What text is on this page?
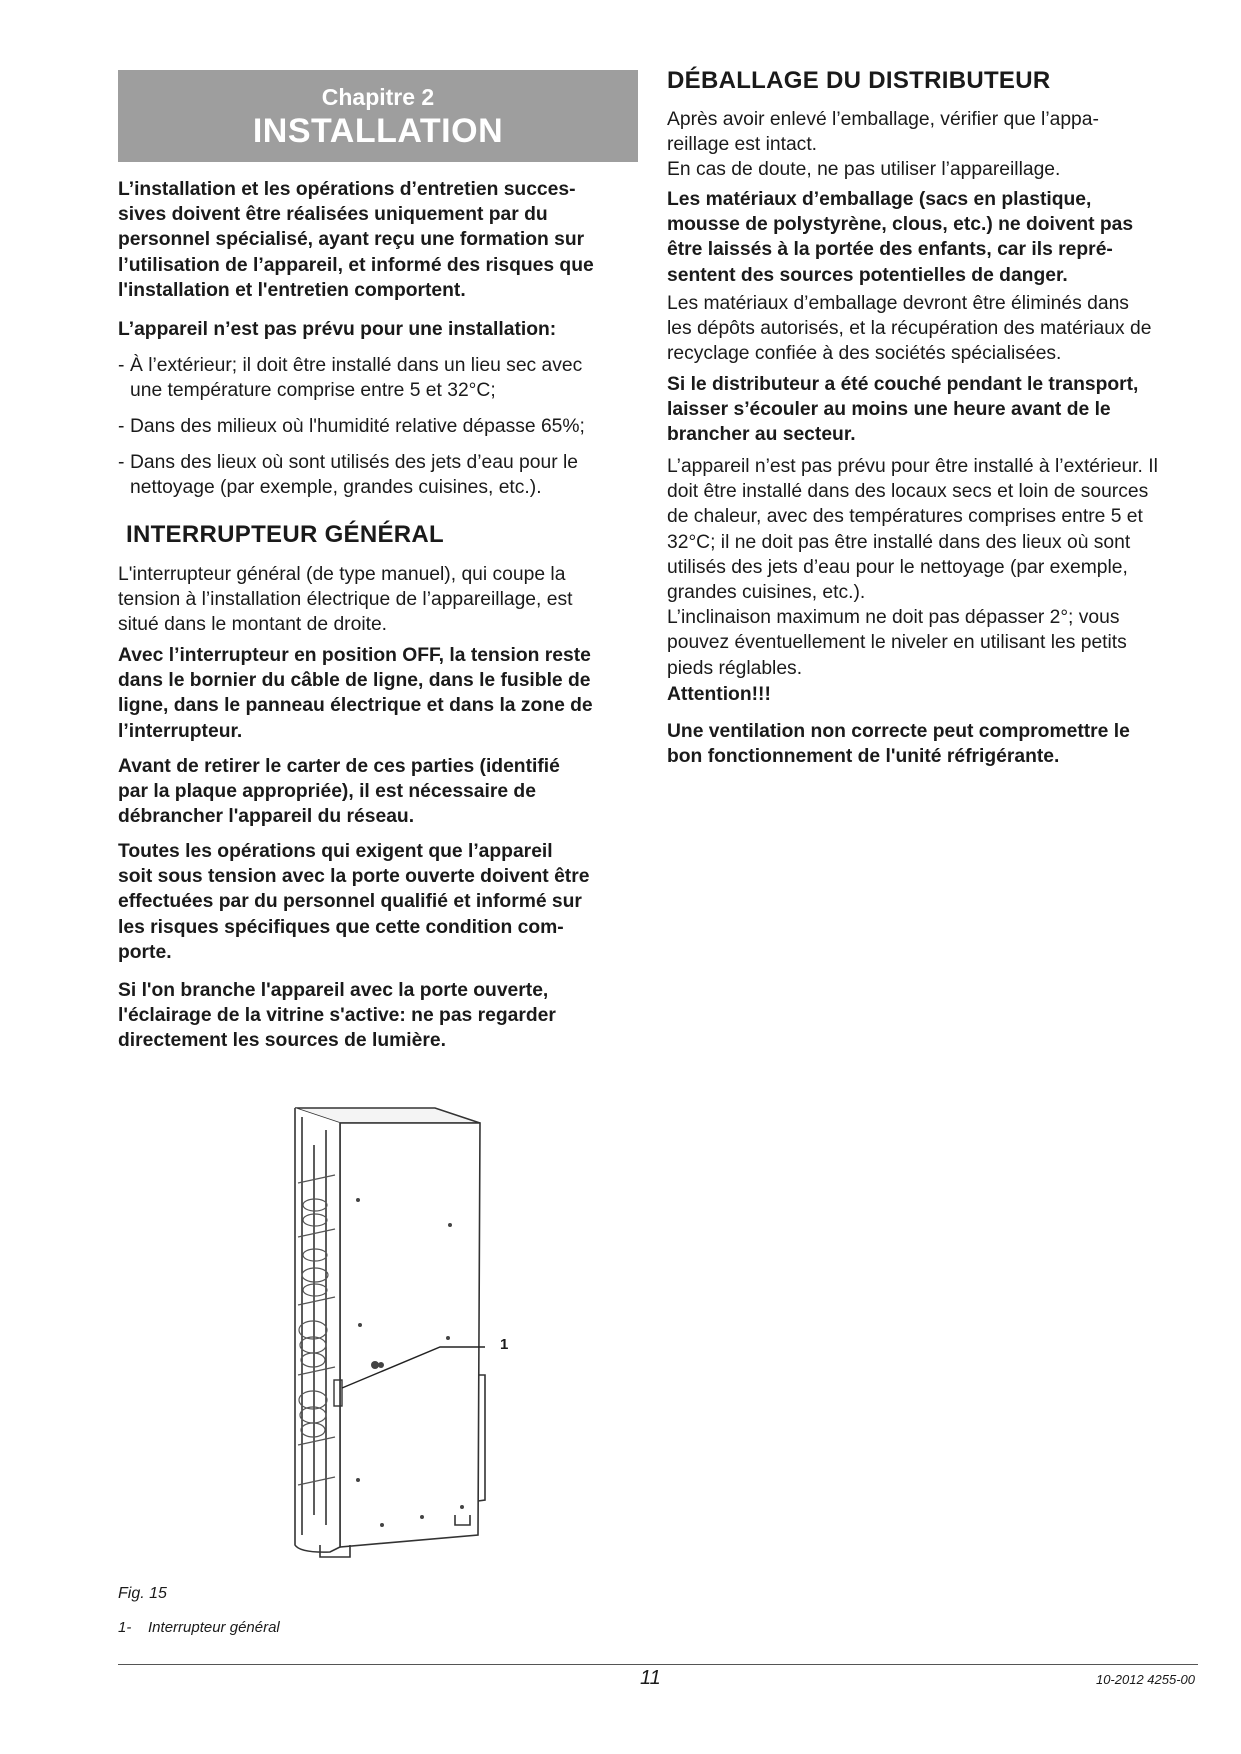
Chapitre 2
INSTALLATION

L’installation et les opérations d’entretien succes-
sives doivent être réalisées uniquement par du
personnel spécialisé, ayant reçu une formation sur
l’utilisation de l’appareil, et informé des risques que
l'installation et l'entretien comportent.

L’appareil n’est pas prévu pour une installation:

- À l’extérieur; il doit être installé dans un lieu sec avec
une température comprise entre 5 et 32°C;

- Dans des milieux où l'humidité relative dépasse 65%;

- Dans des lieux où sont utilisés des jets d’eau pour le
nettoyage (par exemple, grandes cuisines, etc.).

INTERRUPTEUR GÉNÉRAL

L'interrupteur général (de type manuel), qui coupe la
tension à l’installation électrique de l’appareillage, est
situé dans le montant de droite.

Avec l’interrupteur en position OFF, la tension reste
dans le bornier du câble de ligne, dans le fusible de
ligne, dans le panneau électrique et dans la zone de
l’interrupteur.

Avant de retirer le carter de ces parties (identifié
par la plaque appropriée), il est nécessaire de
débrancher l'appareil du réseau.

Toutes les opérations qui exigent que l’appareil
soit sous tension avec la porte ouverte doivent être
effectuées par du personnel qualifié et informé sur
les risques spécifiques que cette condition com-
porte.

Si l'on branche l'appareil avec la porte ouverte,
l'éclairage de la vitrine s'active: ne pas regarder
directement les sources de lumière.

DÉBALLAGE DU DISTRIBUTEUR

Après avoir enlevé l’emballage, vérifier que l’appa-
reillage est intact.
En cas de doute, ne pas utiliser l’appareillage.

Les matériaux d’emballage (sacs en plastique,
mousse de polystyrène, clous, etc.) ne doivent pas
être laissés à la portée des enfants, car ils repré-
sentent des sources potentielles de danger.

Les matériaux d’emballage devront être éliminés dans
les dépôts autorisés, et la récupération des matériaux de
recyclage confiée à des sociétés spécialisées.

Si le distributeur a été couché pendant le transport,
laisser s’écouler au moins une heure avant de le
brancher au secteur.

L’appareil n’est pas prévu pour être installé à l’extérieur. Il
doit être installé dans des locaux secs et loin de sources
de chaleur, avec des températures comprises entre 5 et
32°C; il ne doit pas être installé dans des lieux où sont
utilisés des jets d’eau pour le nettoyage (par exemple,
grandes cuisines, etc.).
L’inclinaison maximum ne doit pas dépasser 2°; vous
pouvez éventuellement le niveler en utilisant les petits
pieds réglables.

Attention!!!

Une ventilation non correcte peut compromettre le
bon fonctionnement de l'unité réfrigérante.

1
Fig. 15
1- Interrupteur général
11	10-2012 4255-00
